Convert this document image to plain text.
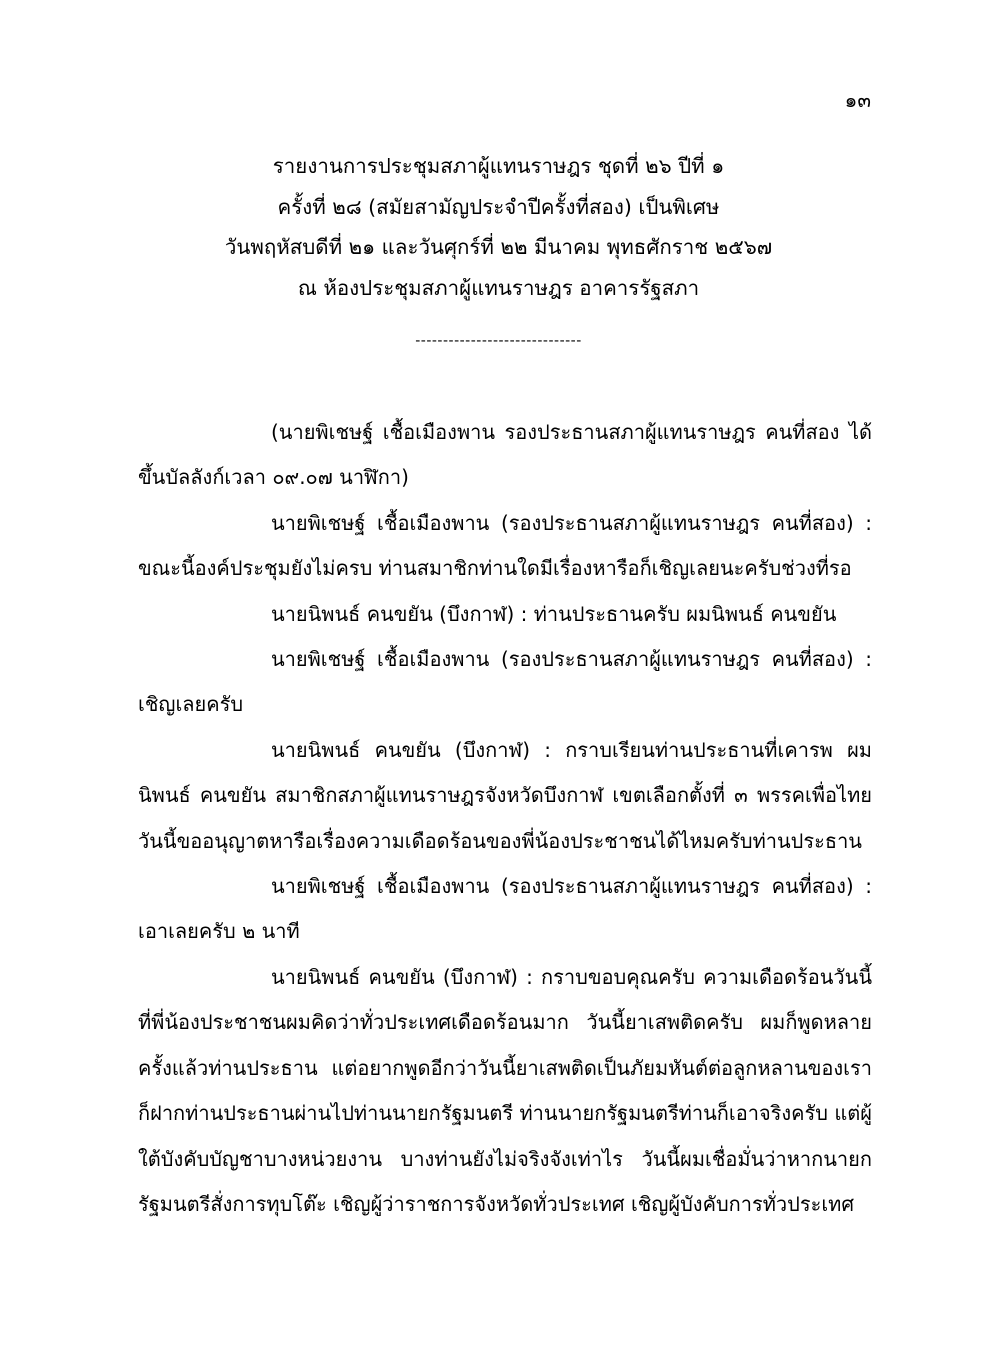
๑๓
รายงานการประชุมสภาผู้แทนราษฎร ชุดที่ ๒๖ ปีที่ ๑
ครั้งที่ ๒๘ (สมัยสามัญประจำปีครั้งที่สอง) เป็นพิเศษ
วันพฤหัสบดีที่ ๒๑ และวันศุกร์ที่ ๒๒ มีนาคม พุทธศักราช ๒๕๖๗
ณ ห้องประชุมสภาผู้แทนราษฎร อาคารรัฐสภา
------------------------------

(นายพิเชษฐ์ เชื้อเมืองพาน รองประธานสภาผู้แทนราษฎร คนที่สอง ได้ขึ้นบัลลังก์เวลา ๐๙.๐๗ นาฬิกา)

นายพิเชษฐ์ เชื้อเมืองพาน (รองประธานสภาผู้แทนราษฎร คนที่สอง) : ขณะนี้องค์ประชุมยังไม่ครบ ท่านสมาชิกท่านใดมีเรื่องหารือก็เชิญเลยนะครับช่วงที่รอ

นายนิพนธ์ คนขยัน (บึงกาฬ) : ท่านประธานครับ ผมนิพนธ์ คนขยัน

นายพิเชษฐ์ เชื้อเมืองพาน (รองประธานสภาผู้แทนราษฎร คนที่สอง) : เชิญเลยครับ

นายนิพนธ์ คนขยัน (บึงกาฬ) : กราบเรียนท่านประธานที่เคารพ ผม นิพนธ์ คนขยัน สมาชิกสภาผู้แทนราษฎรจังหวัดบึงกาฬ เขตเลือกตั้งที่ ๓ พรรคเพื่อไทย วันนี้ขออนุญาตหารือเรื่องความเดือดร้อนของพี่น้องประชาชนได้ไหมครับท่านประธาน

นายพิเชษฐ์ เชื้อเมืองพาน (รองประธานสภาผู้แทนราษฎร คนที่สอง) : เอาเลยครับ ๒ นาที

นายนิพนธ์ คนขยัน (บึงกาฬ) : กราบขอบคุณครับ ความเดือดร้อนวันนี้ที่พี่น้องประชาชนผมคิดว่าทั่วประเทศเดือดร้อนมาก วันนี้ยาเสพติดครับ ผมก็พูดหลายครั้งแล้วท่านประธาน แต่อยากพูดอีกว่าวันนี้ยาเสพติดเป็นภัยมหันต์ต่อลูกหลานของเราก็ฝากท่านประธานผ่านไปท่านนายกรัฐมนตรี ท่านนายกรัฐมนตรีท่านก็เอาจริงครับ แต่ผู้ใต้บังคับบัญชาบางหน่วยงาน บางท่านยังไม่จริงจังเท่าไร วันนี้ผมเชื่อมั่นว่าหากนายกรัฐมนตรีสั่งการทุบโต๊ะ เชิญผู้ว่าราชการจังหวัดทั่วประเทศ เชิญผู้บังคับการทั่วประเทศ
